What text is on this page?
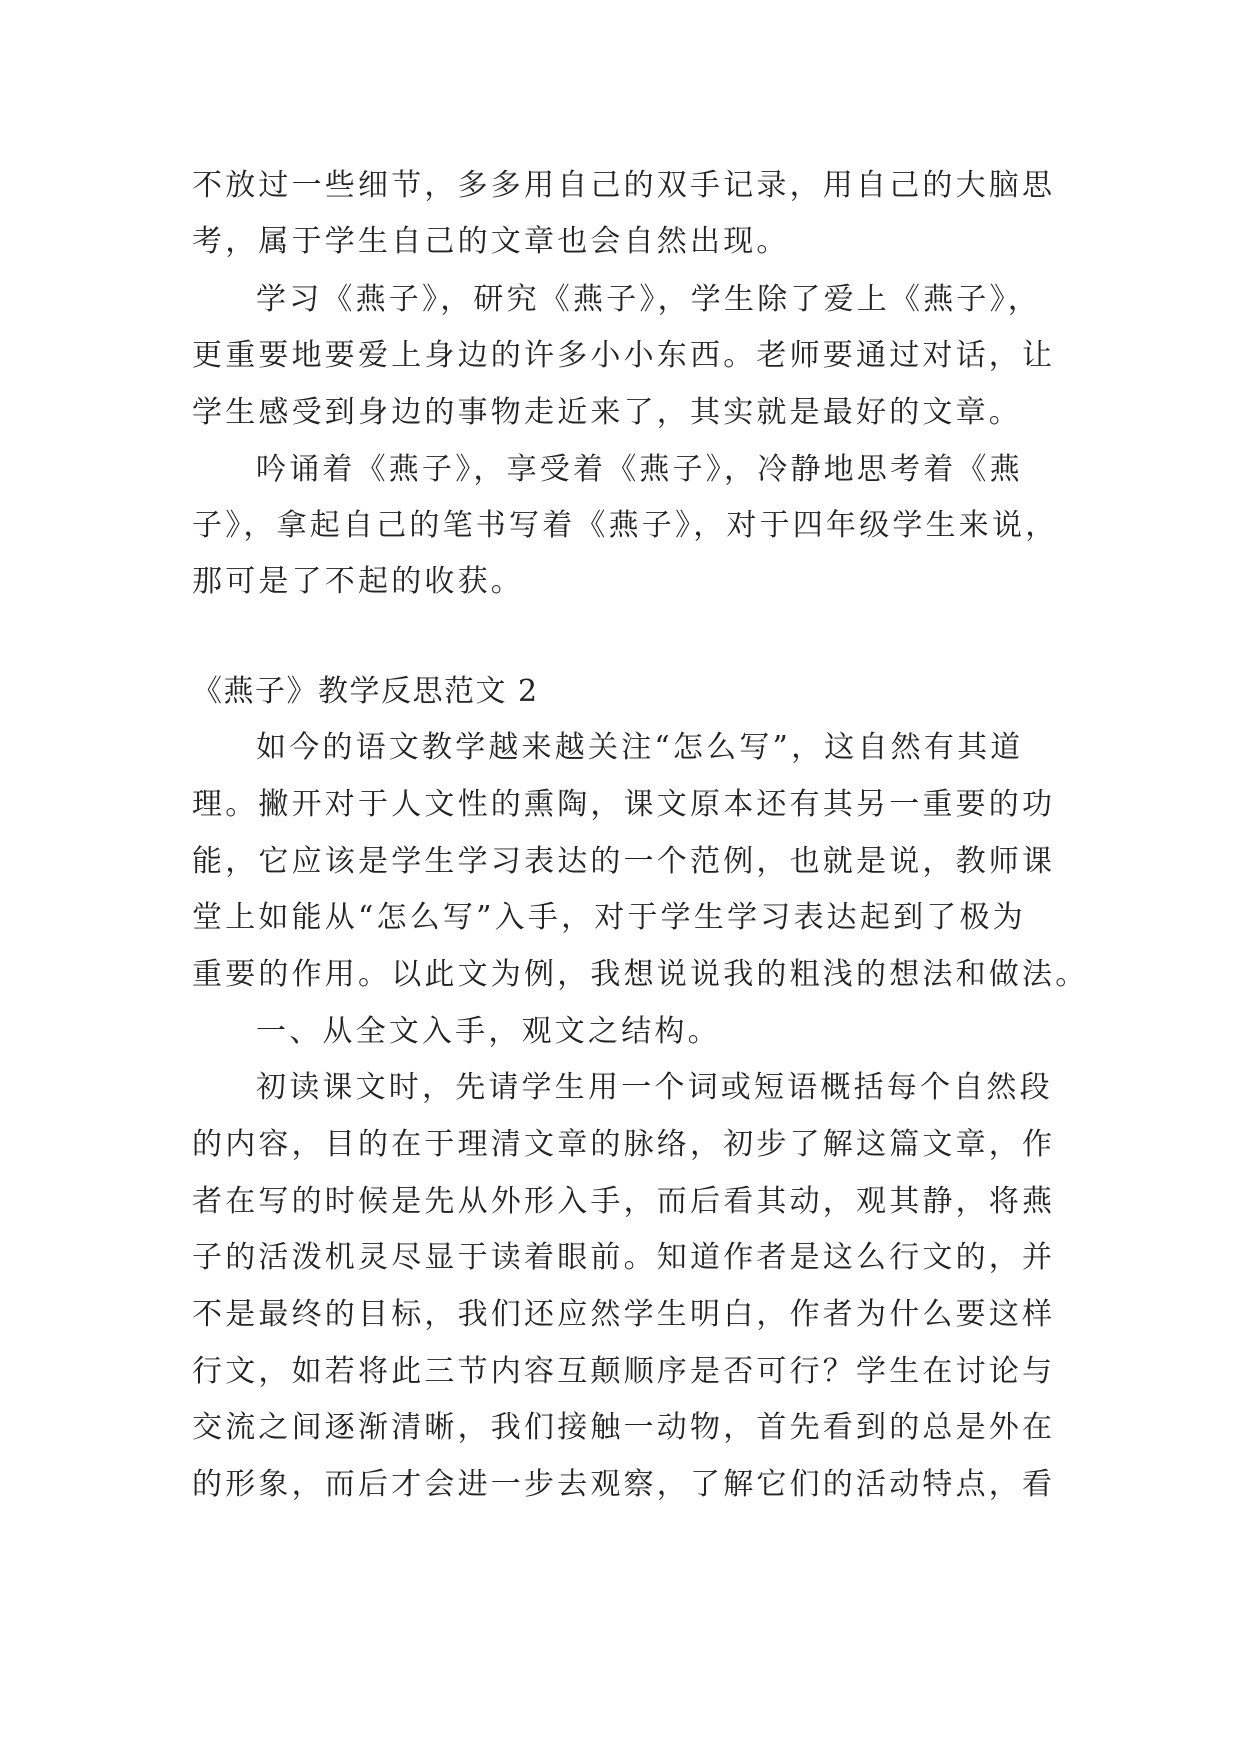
不放过一些细节，多多用自己的双手记录，用自己的大脑思
考，属于学生自己的文章也会自然出现。
学习《燕子》，研究《燕子》，学生除了爱上《燕子》，
更重要地要爱上身边的许多小小东西。老师要通过对话，让
学生感受到身边的事物走近来了，其实就是最好的文章。
吟诵着《燕子》，享受着《燕子》，冷静地思考着《燕
子》，拿起自己的笔书写着《燕子》，对于四年级学生来说，
那可是了不起的收获。
《燕子》教学反思范文 2
如今的语文教学越来越关注“怎么写”，这自然有其道
理。撇开对于人文性的熏陶，课文原本还有其另一重要的功
能，它应该是学生学习表达的一个范例，也就是说，教师课
堂上如能从“怎么写”入手，对于学生学习表达起到了极为
重要的作用。以此文为例，我想说说我的粗浅的想法和做法。
一、从全文入手，观文之结构。
初读课文时，先请学生用一个词或短语概括每个自然段
的内容，目的在于理清文章的脉络，初步了解这篇文章，作
者在写的时候是先从外形入手，而后看其动，观其静，将燕
子的活泼机灵尽显于读着眼前。知道作者是这么行文的，并
不是最终的目标，我们还应然学生明白，作者为什么要这样
行文，如若将此三节内容互颠顺序是否可行？学生在讨论与
交流之间逐渐清晰，我们接触一动物，首先看到的总是外在
的形象，而后才会进一步去观察，了解它们的活动特点，看
